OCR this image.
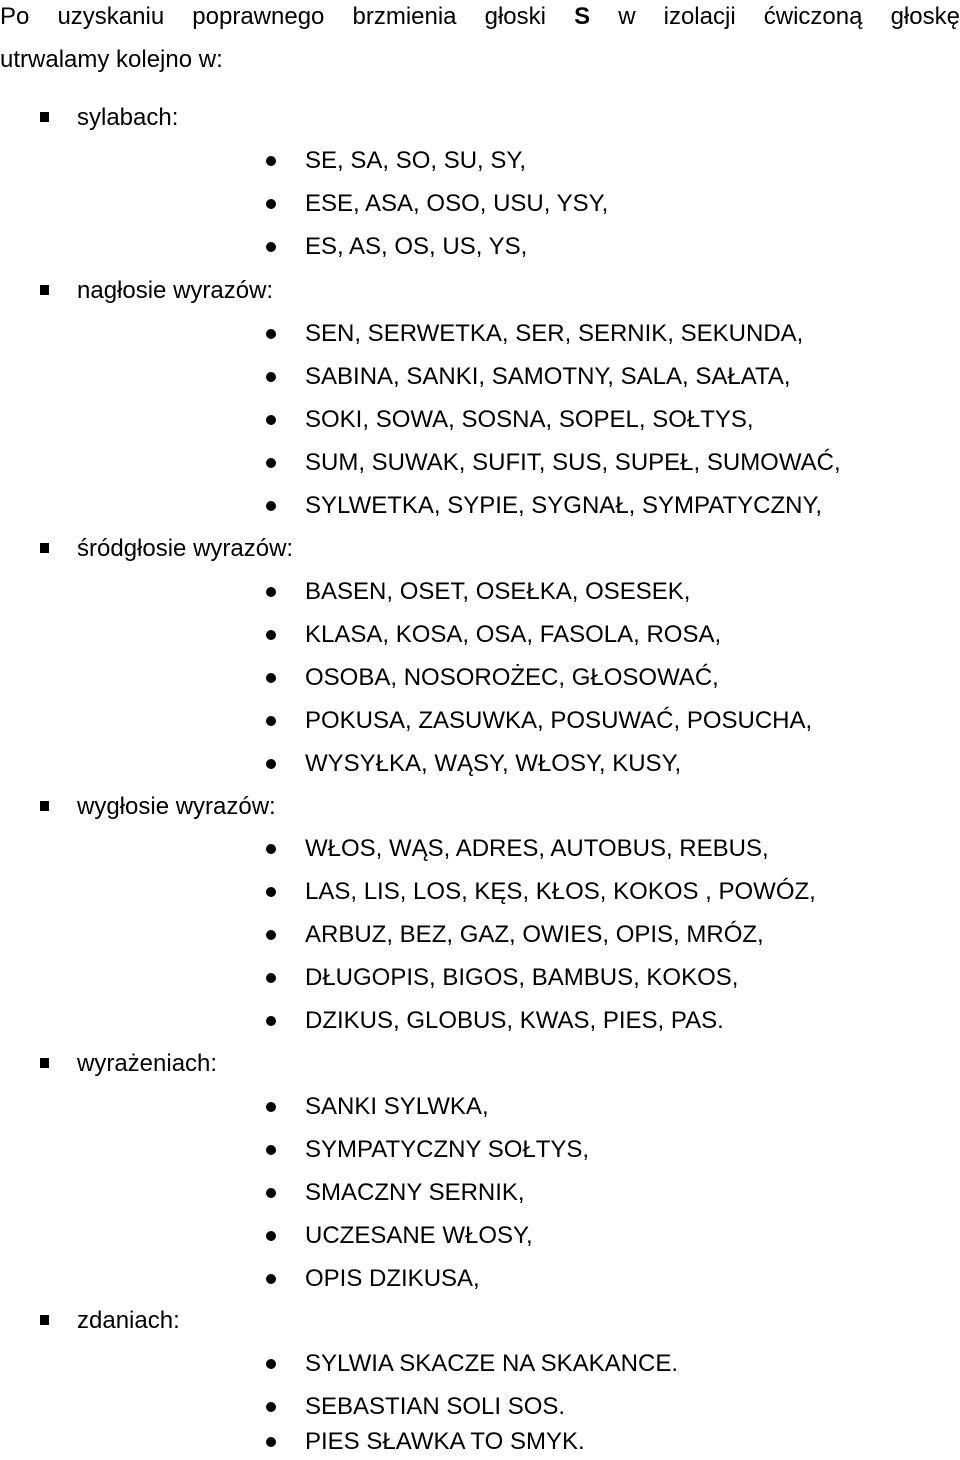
Po uzyskaniu poprawnego brzmienia głoski S w izolacji ćwiczoną głoskę
utrwalamy kolejno w:
sylabach:
SE, SA, SO, SU, SY,
ESE, ASA, OSO, USU, YSY,
ES, AS, OS, US, YS,
nagłosie wyrazów:
SEN, SERWETKA, SER, SERNIK, SEKUNDA,
SABINA, SANKI, SAMOTNY, SALA, SAŁATA,
SOKI, SOWA, SOSNA, SOPEL, SOŁTYS,
SUM, SUWAK, SUFIT, SUS, SUPEŁ, SUMOWAĆ,
SYLWETKA, SYPIE, SYGNAŁ, SYMPATYCZNY,
śródgłosie wyrazów:
BASEN, OSET, OSEŁKA, OSESEK,
KLASA, KOSA, OSA, FASOLA, ROSA,
OSOBA, NOSOROŻEC, GŁOSOWAĆ,
POKUSA, ZASUWKA, POSUWAĆ, POSUCHA,
WYSYŁKA, WĄSY, WŁOSY, KUSY,
wygłosie wyrazów:
WŁOS, WĄS, ADRES, AUTOBUS, REBUS,
LAS, LIS, LOS, KĘS, KŁOS, KOKOS , POWÓZ,
ARBUZ, BEZ, GAZ, OWIES, OPIS, MRÓZ,
DŁUGOPIS, BIGOS, BAMBUS, KOKOS,
DZIKUS, GLOBUS, KWAS, PIES, PAS.
wyrażeniach:
SANKI SYLWKA,
SYMPATYCZNY SOŁTYS,
SMACZNY SERNIK,
UCZESANE WŁOSY,
OPIS DZIKUSA,
zdaniach:
SYLWIA SKACZE NA SKAKANCE.
SEBASTIAN SOLI SOS.
PIES SŁAWKA TO SMYK.
